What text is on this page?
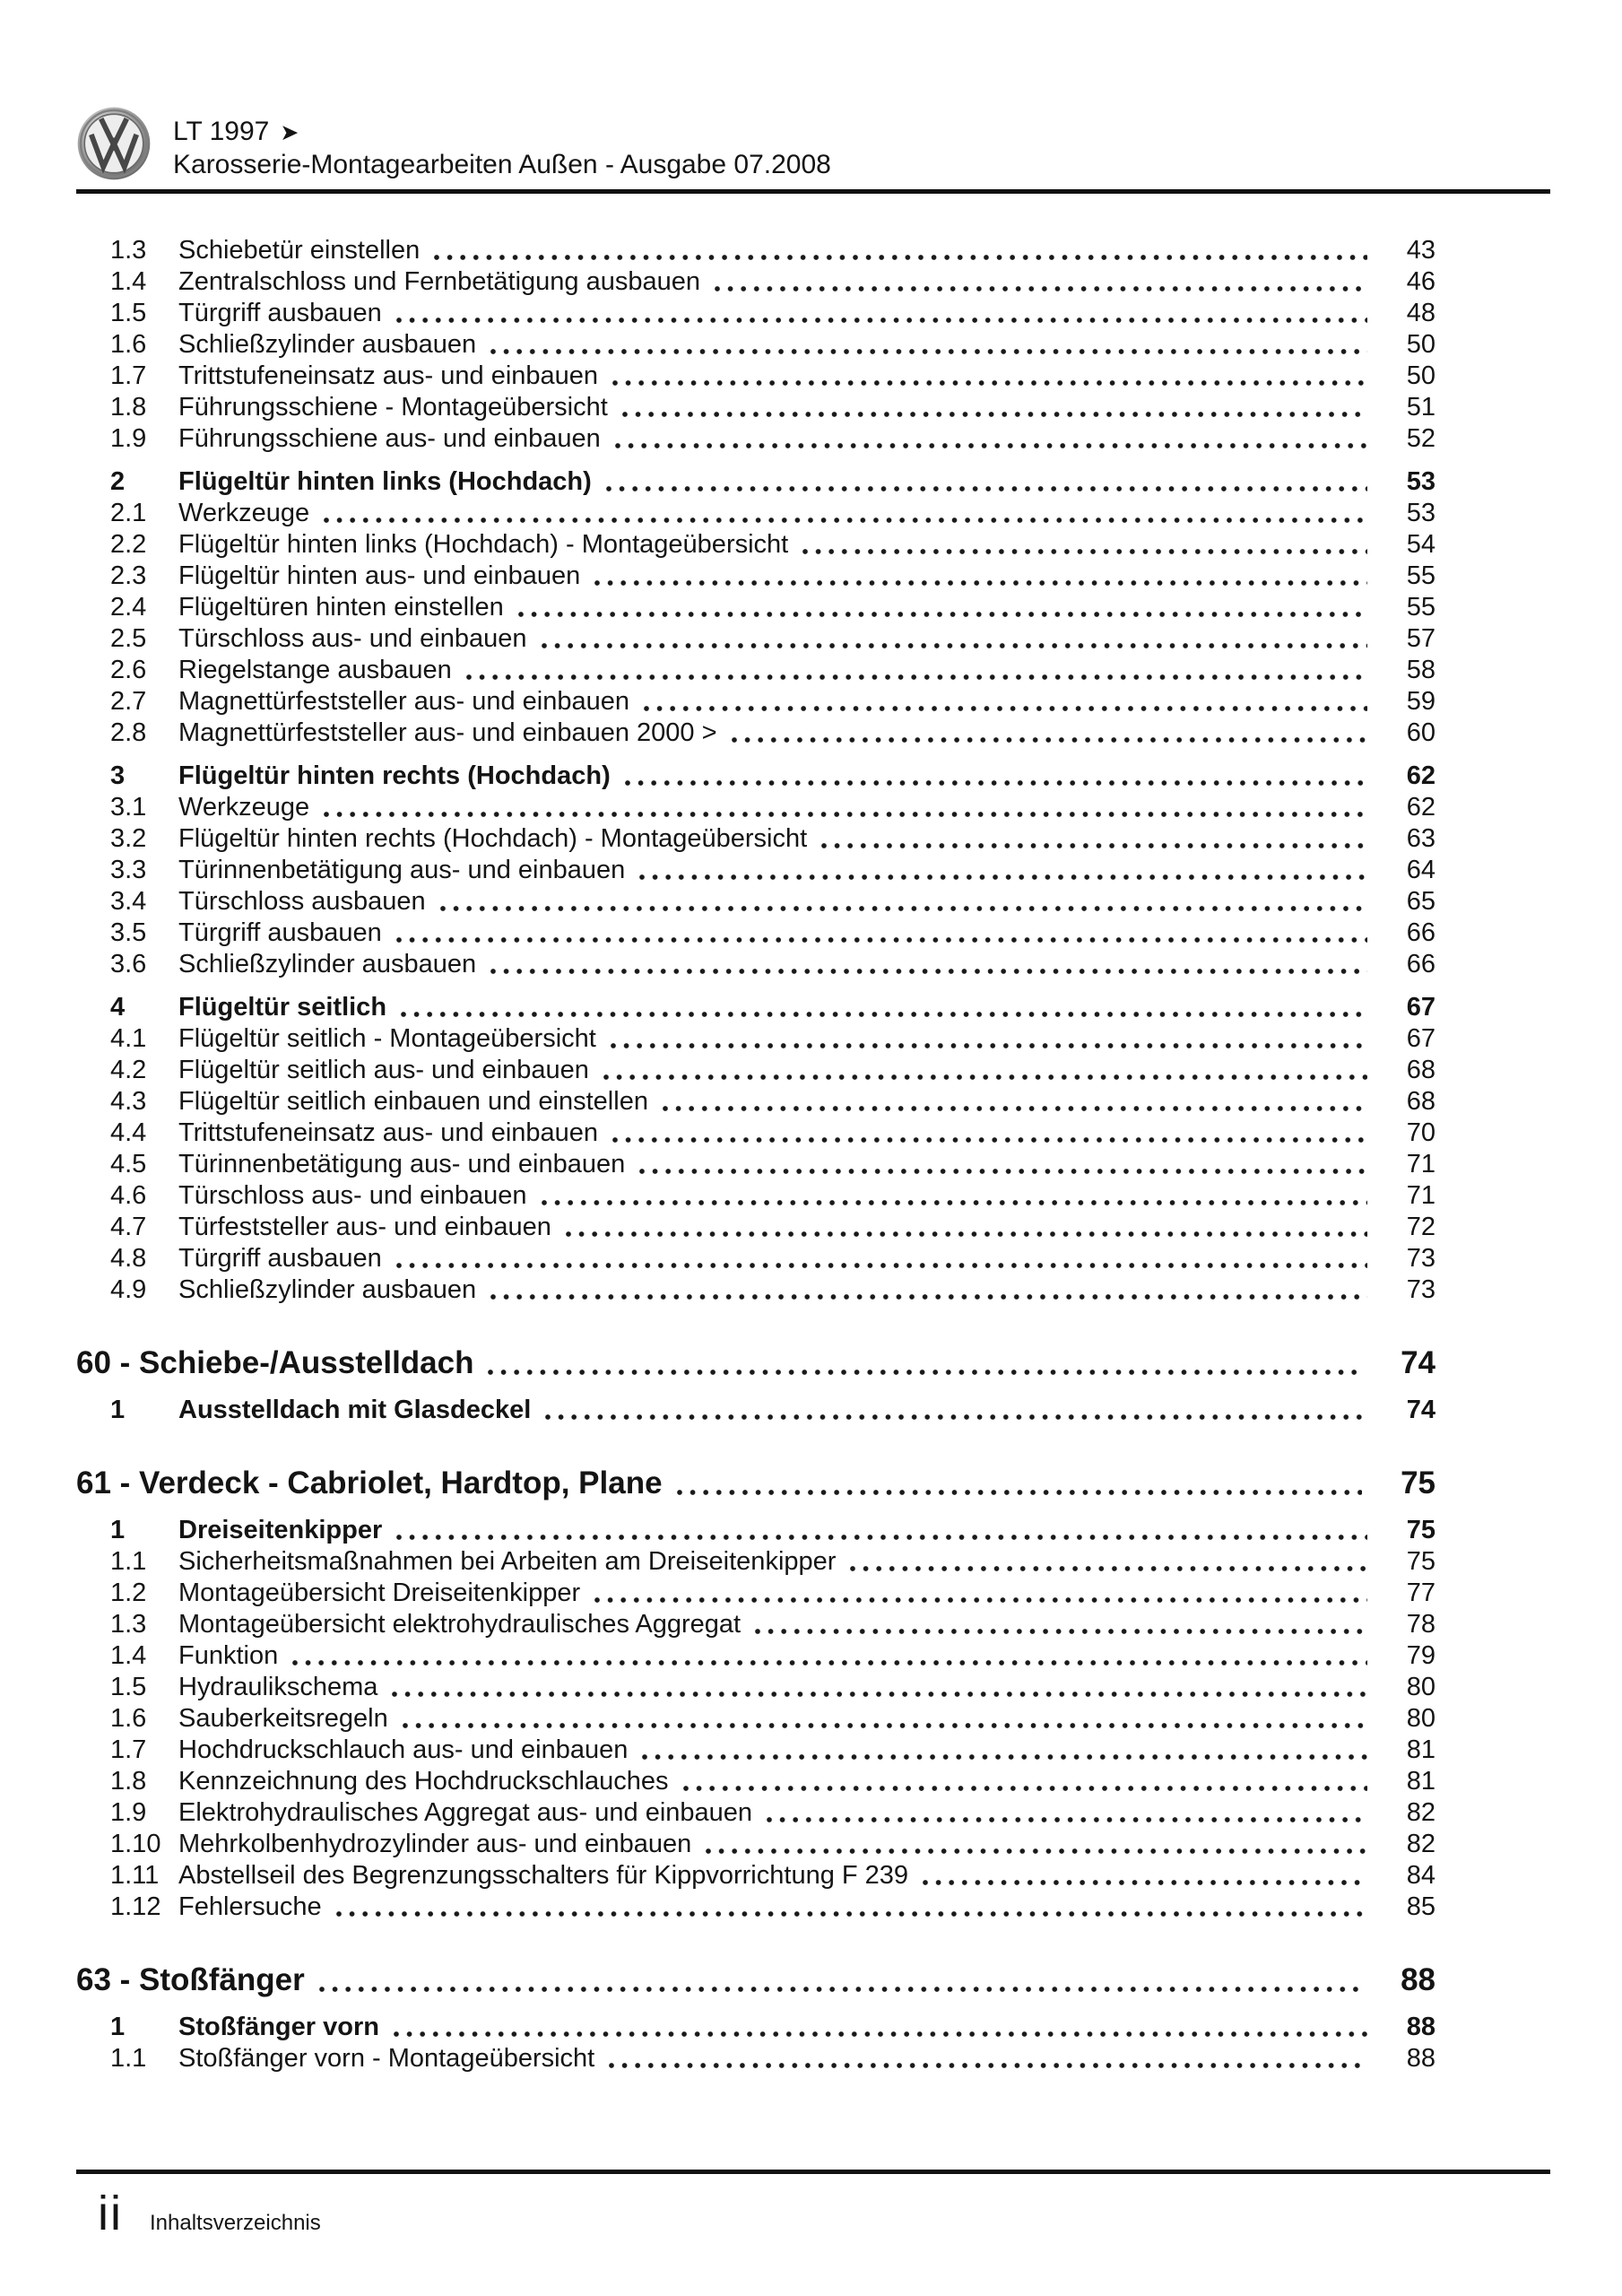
LT 1997 ➤
Karosserie-Montagearbeiten Außen - Ausgabe 07.2008
1.3	Schiebetür einstellen	43
1.4	Zentralschloss und Fernbetätigung ausbauen	46
1.5	Türgriff ausbauen	48
1.6	Schließzylinder ausbauen	50
1.7	Trittstufeneinsatz aus- und einbauen	50
1.8	Führungsschiene - Montageübersicht	51
1.9	Führungsschiene aus- und einbauen	52
2	Flügeltür hinten links (Hochdach)	53
2.1	Werkzeuge	53
2.2	Flügeltür hinten links (Hochdach) - Montageübersicht	54
2.3	Flügeltür hinten aus- und einbauen	55
2.4	Flügeltüren hinten einstellen	55
2.5	Türschloss aus- und einbauen	57
2.6	Riegelstange ausbauen	58
2.7	Magnettürfeststeller aus- und einbauen	59
2.8	Magnettürfeststeller aus- und einbauen 2000 >	60
3	Flügeltür hinten rechts (Hochdach)	62
3.1	Werkzeuge	62
3.2	Flügeltür hinten rechts (Hochdach) - Montageübersicht	63
3.3	Türinnenbetätigung aus- und einbauen	64
3.4	Türschloss ausbauen	65
3.5	Türgriff ausbauen	66
3.6	Schließzylinder ausbauen	66
4	Flügeltür seitlich	67
4.1	Flügeltür seitlich - Montageübersicht	67
4.2	Flügeltür seitlich aus- und einbauen	68
4.3	Flügeltür seitlich einbauen und einstellen	68
4.4	Trittstufeneinsatz aus- und einbauen	70
4.5	Türinnenbetätigung aus- und einbauen	71
4.6	Türschloss aus- und einbauen	71
4.7	Türfeststeller aus- und einbauen	72
4.8	Türgriff ausbauen	73
4.9	Schließzylinder ausbauen	73
60 - Schiebe-/Ausstelldach	74
1	Ausstelldach mit Glasdeckel	74
61 - Verdeck - Cabriolet, Hardtop, Plane	75
1	Dreiseitenkipper	75
1.1	Sicherheitsmaßnahmen bei Arbeiten am Dreiseitenkipper	75
1.2	Montageübersicht Dreiseitenkipper	77
1.3	Montageübersicht elektrohydraulisches Aggregat	78
1.4	Funktion	79
1.5	Hydraulikschema	80
1.6	Sauberkeitsregeln	80
1.7	Hochdruckschlauch aus- und einbauen	81
1.8	Kennzeichnung des Hochdruckschlauches	81
1.9	Elektrohydraulisches Aggregat aus- und einbauen	82
1.10 Mehrkolbenhydrozylinder aus- und einbauen	82
1.11 Abstellseil des Begrenzungsschalters für Kippvorrichtung F 239	84
1.12 Fehlersuche	85
63 - Stoßfänger	88
1	Stoßfänger vorn	88
1.1	Stoßfänger vorn - Montageübersicht	88
ii Inhaltsverzeichnis
